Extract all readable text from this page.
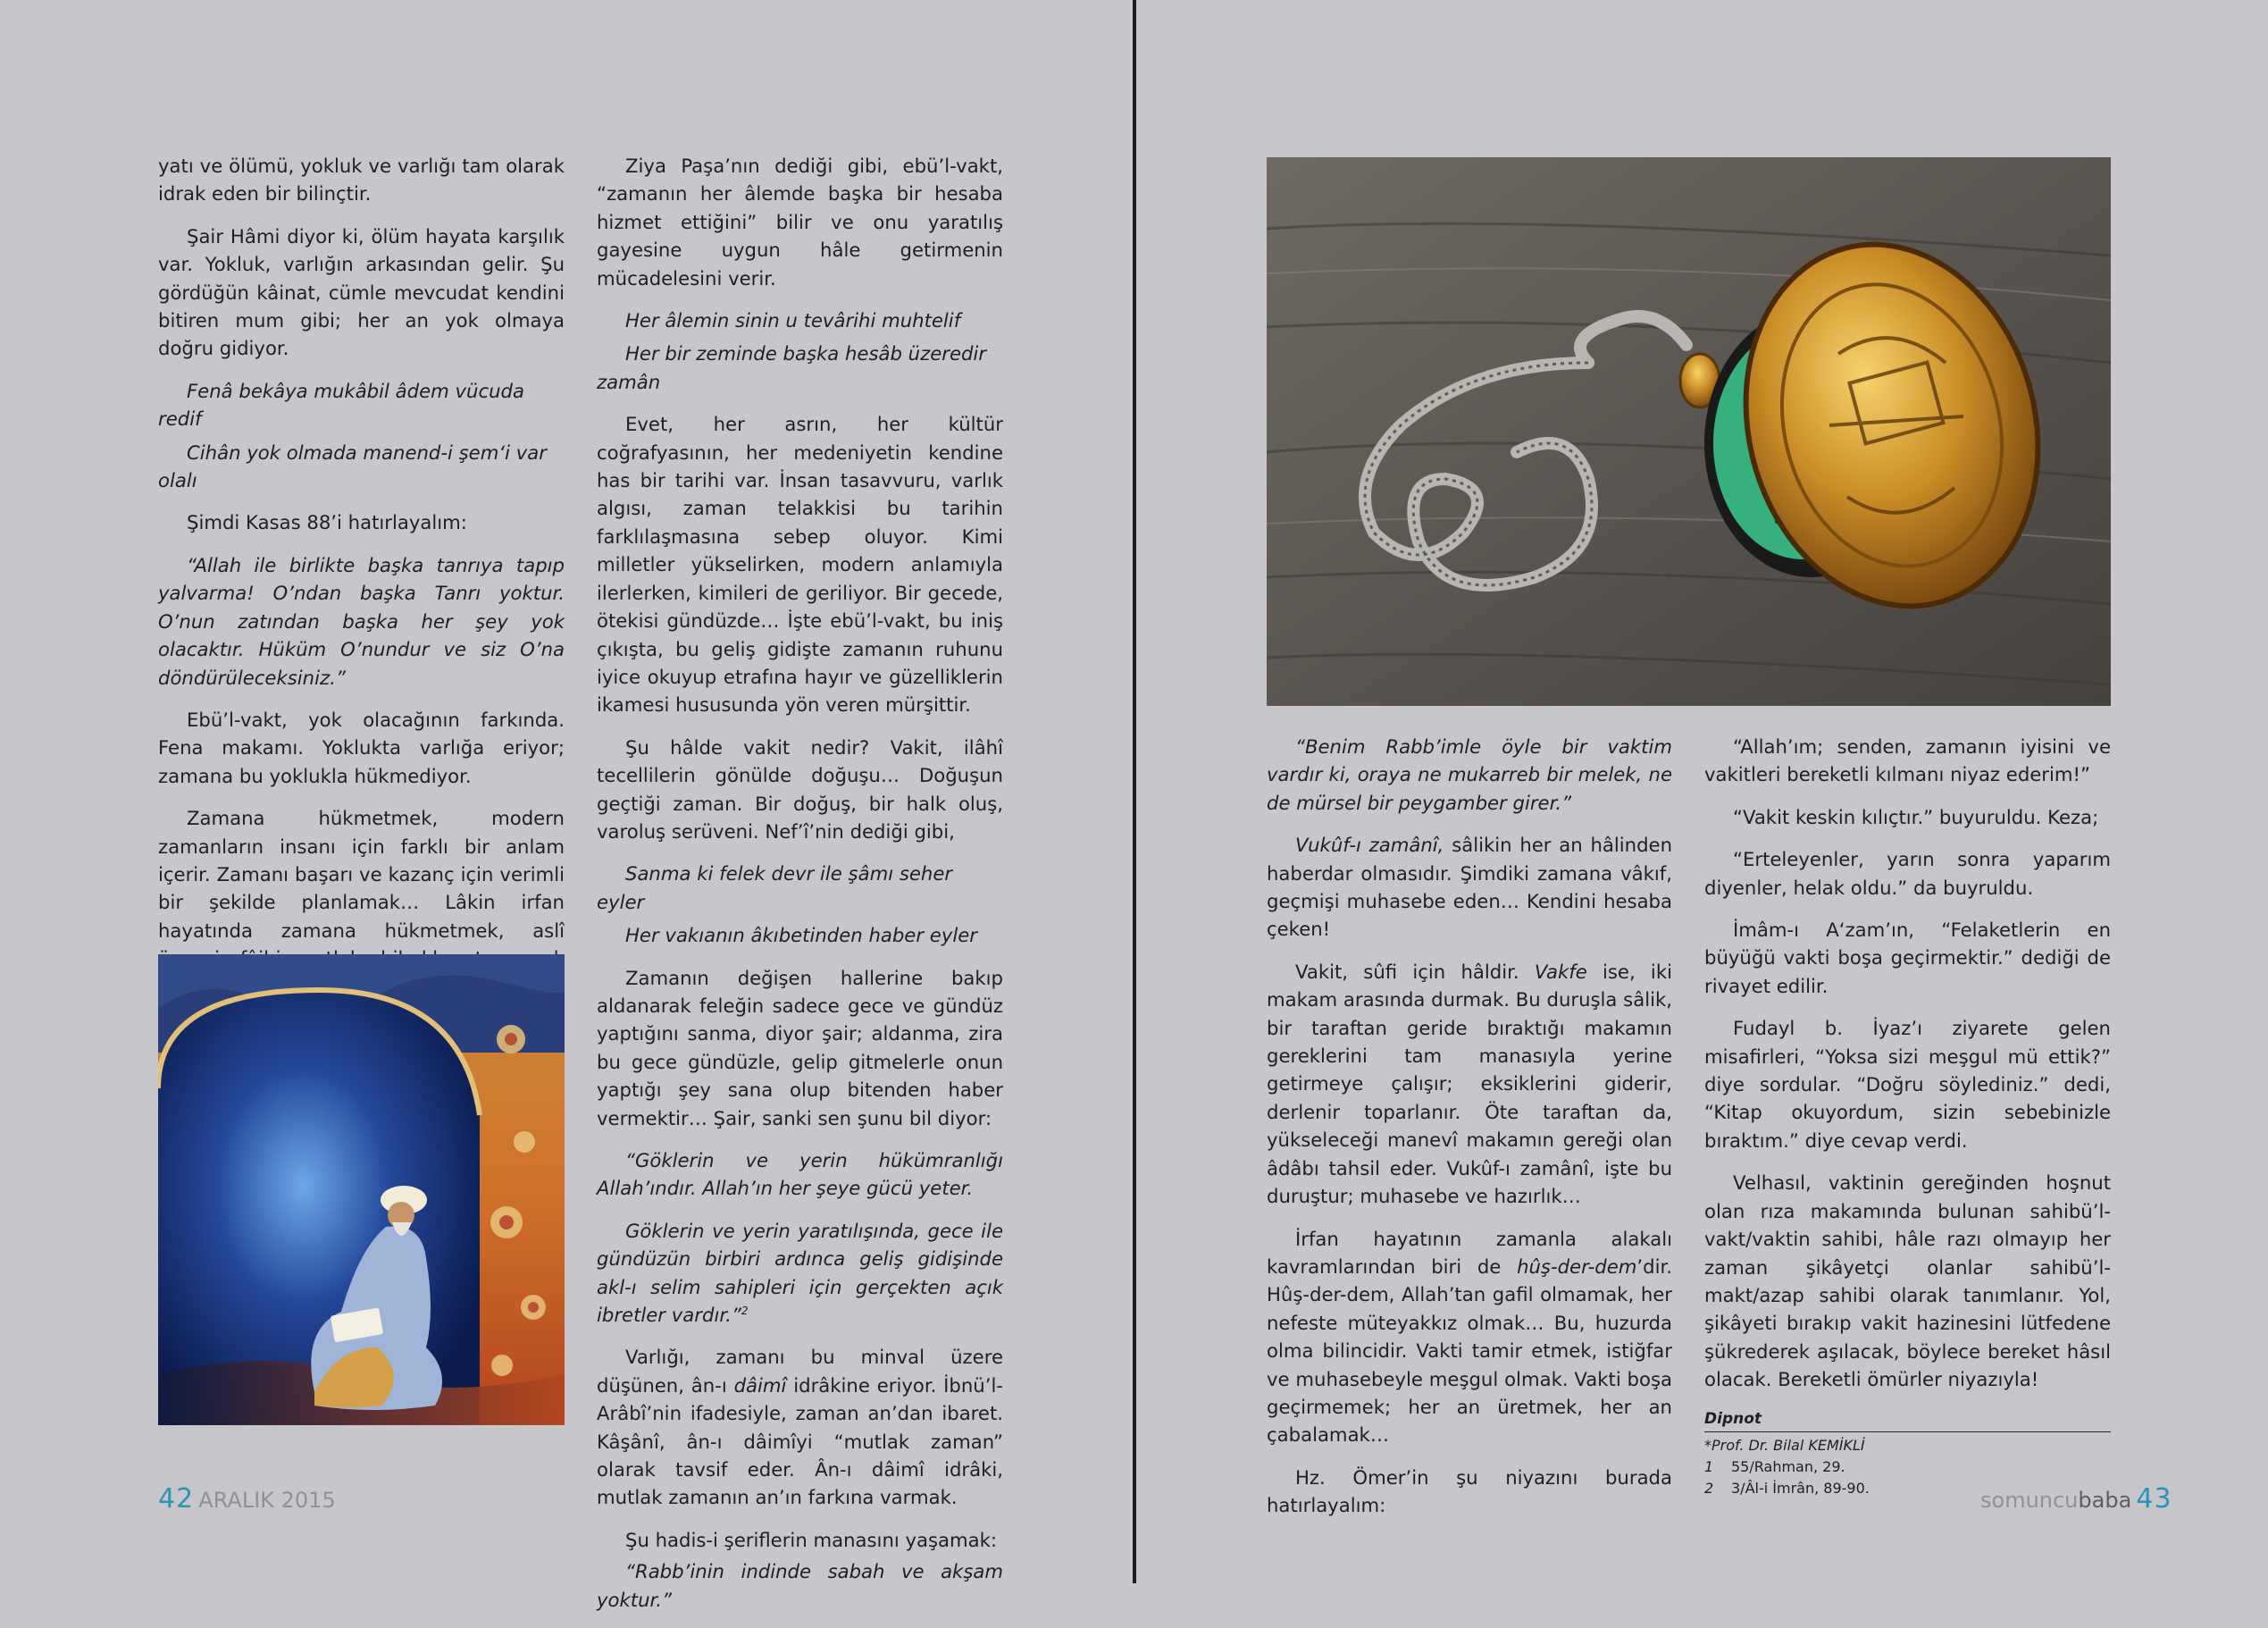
yatı ve ölümü, yokluk ve varlığı tam olarak idrak eden bir bilinçtir.

Şair Hâmi diyor ki, ölüm hayata karşılık var. Yokluk, varlığın arkasından gelir. Şu gördüğün kâinat, cümle mevcudat kendini bitiren mum gibi; her an yok olmaya doğru gidiyor.

Fenâ bekâya mukâbil âdem vücuda redif

Cihân yok olmada manend-i şem‘i var olalı

Şimdi Kasas 88’i hatırlayalım:

“Allah ile birlikte başka tanrıya tapıp yalvarma! O’ndan başka Tanrı yoktur. O’nun zatından başka her şey yok olacaktır. Hüküm O’nundur ve siz O’na döndürüleceksiniz.”

Ebü’l-vakt, yok olacağının farkında. Fena makamı. Yoklukta varlığa eriyor; zamana bu yoklukla hükmediyor.

Zamana hükmetmek, modern zamanların insanı için farklı bir anlam içerir. Zamanı başarı ve kazanç için verimli bir şekilde planlamak… Lâkin irfan hayatında zamana hükmetmek, aslî

Ziya Paşa’nın dediği gibi, ebü’l-vakt, “zamanın her âlemde başka bir hesaba hizmet ettiğini” bilir ve onu yaratılış gayesine uygun hâle getirmenin mücadelesini verir.

Her âlemin sinin u tevârihi muhtelif

Her bir zeminde başka hesâb üzeredir zamân

Evet, her asrın, her kültür coğrafyasının, her medeniyetin kendine has bir tarihi var. İnsan tasavvuru, varlık algısı, zaman telakkisi bu tarihin farklılaşmasına sebep oluyor. Kimi milletler yükselirken, modern anlamıyla ilerlerken, kimileri de geriliyor. Bir gecede, ötekisi gündüzde… İşte ebü’l-vakt, bu iniş çıkışta, bu geliş gidişte zamanın ruhunu iyice okuyup etrafına hayır ve güzelliklerin ikamesi hususunda yön veren mürşittir.

Şu hâlde vakit nedir? Vakit, ilâhî tecellilerin gönülde doğuşu… Doğuşun geçtiği zaman. Bir doğuş, bir halk oluş, varoluş serüveni. Nef’î’nin dediği gibi,

Sanma ki felek devr ile şâmı seher eyler

Her vakıanın âkıbetinden haber eyler

Zamanın değişen hallerine bakıp aldanarak feleğin sadece gece ve gündüz yaptığını sanma, diyor şair; aldanma, zira bu gece gündüzle, gelip gitmelerle onun yaptığı şey sana olup bitenden haber vermektir… Şair, sanki sen şunu bil diyor:

“Göklerin ve yerin hükümranlığı Allah’ındır. Allah’ın her şeye gücü yeter.

Göklerin ve yerin yaratılışında, gece ile gündüzün birbiri ardınca geliş gidişinde akl-ı selim sahipleri için gerçekten açık ibretler vardır.”$^2$

Varlığı, zamanı bu minval üzere düşünen, ân-ı dâimî idrâkine eriyor. İbnü’l-Arâbî’nin ifadesiyle, zaman an’dan ibaret. Kâşânî, ân-ı dâimîyi “mutlak zaman” olarak tavsif eder. Ân-ı dâimî idrâki, mutlak zamanın an’ın farkına varmak.

Şu hadis-i şeriflerin manasını yaşamak:

“Rabb’inin indinde sabah ve akşam yoktur.”

42 ARALIK 2015

“Benim Rabb’imle öyle bir vaktim vardır ki, oraya ne mukarreb bir melek, ne de mürsel bir peygamber girer.”

Vukûf-ı zamânî, sâlikin her an hâlinden haberdar olmasıdır. Şimdiki zamana vâkıf, geçmişi muhasebe eden… Kendini hesaba çeken!

Vakit, sûfi için hâldir. Vakfe ise, iki makam arasında durmak. Bu duruşla sâlik, bir taraftan geride bıraktığı makamın gereklerini tam manasıyla yerine getirmeye çalışır; eksiklerini giderir, derlenir toparlanır. Öte taraftan da, yükseleceği manevî makamın gereği olan âdâbı tahsil eder. Vukûf-ı zamânî, işte bu duruştur; muhasebe ve hazırlık…

İrfan hayatının zamanla alakalı kavramlarından biri de hûş-der-dem’dir. Hûş-der-dem, Allah’tan gafil olmamak, her nefeste müteyakkız olmak… Bu, huzurda olma bilincidir. Vakti tamir etmek, istiğfar ve muhasebeyle meşgul olmak. Vakti boşa geçirmemek; her an üretmek, her an çabalamak…

Hz. Ömer’in şu niyazını burada hatırlayalım:

“Allah’ım; senden, zamanın iyisini ve vakitleri bereketli kılmanı niyaz ederim!”

“Vakit keskin kılıçtır.” buyuruldu. Keza;

“Erteleyenler, yarın sonra yaparım diyenler, helak oldu.” da buyruldu.

İmâm-ı A‘zam’ın, “Felaketlerin en büyüğü vakti boşa geçirmektir.” dediği de rivayet edilir.

Fudayl b. İyaz’ı ziyarete gelen misafirleri, “Yoksa sizi meşgul mü ettik?” diye sordular. “Doğru söylediniz.” dedi, “Kitap okuyordum, sizin sebebinizle bıraktım.” diye cevap verdi.

Velhasıl, vaktinin gereğinden hoşnut olan rıza makamında bulunan sahibü’l-vakt/vaktin sahibi, hâle razı olmayıp her zaman şikâyetçi olanlar sahibü’l-makt/azap sahibi olarak tanımlanır. Yol, şikâyeti bırakıp vakit hazinesini lütfedene şükrederek aşılacak, böylece bereket hâsıl olacak. Bereketli ömürler niyazıyla!

Dipnot
*Prof. Dr. Bilal KEMİKLİ
1 55/Rahman, 29.
2 3/Âl-i İmrân, 89-90.	somuncubaba 43
